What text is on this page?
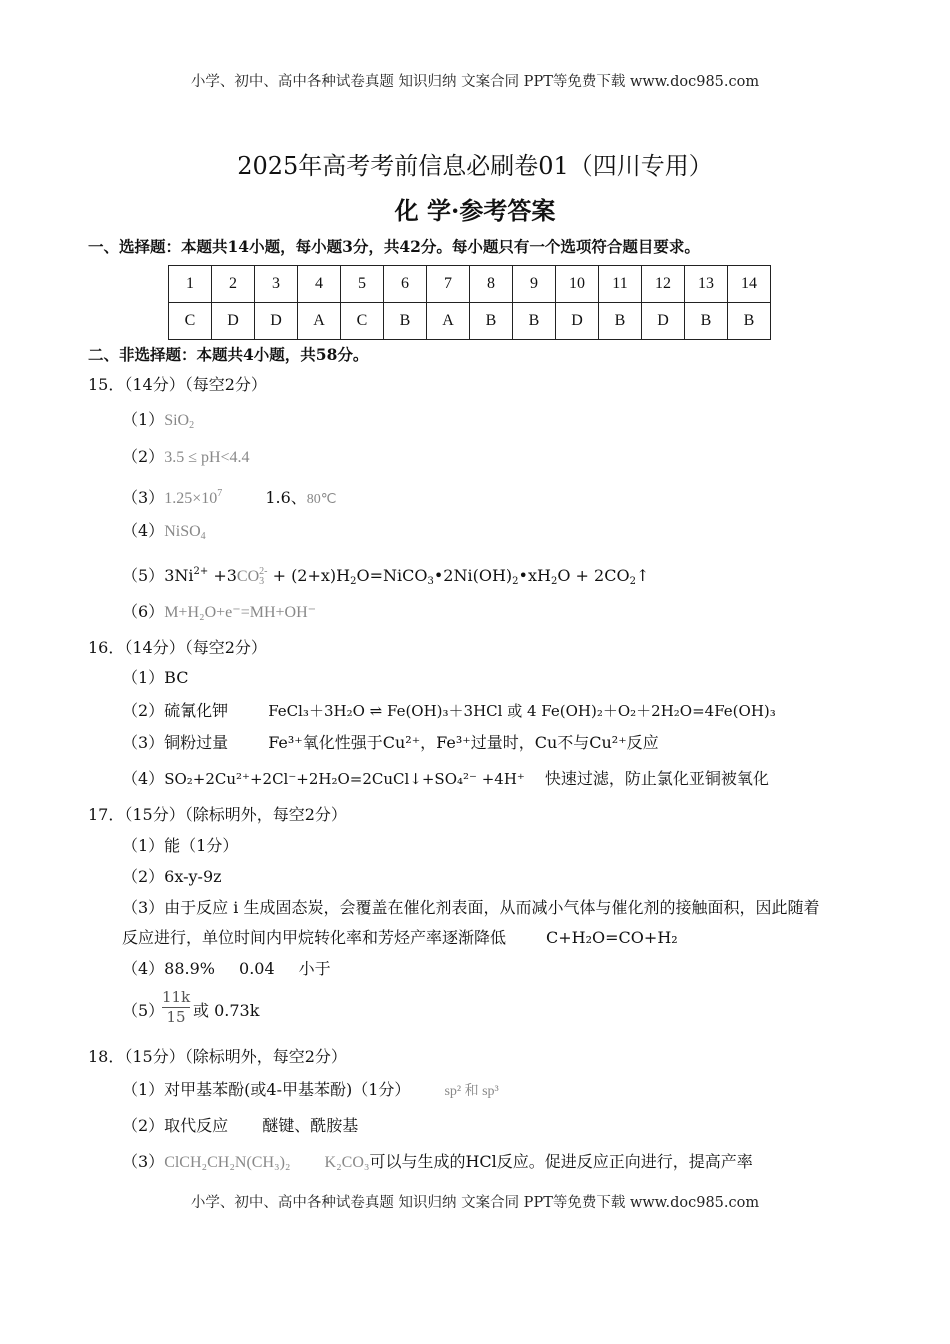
小学、初中、高中各种试卷真题 知识归纳 文案合同 PPT等免费下载 www.doc985.com
2025年高考考前信息必刷卷01（四川专用）
化 学·参考答案
一、选择题：本题共14小题，每小题3分，共42分。每小题只有一个选项符合题目要求。
1	2	3	4	5	6	7	8	9	10	11	12	13	14
C	D	D	A	C	B	A	B	B	D	B	D	B	B
二、非选择题：本题共4小题，共58分。
15．（14分）（每空2分）
（1）SiO$_2$
（2）3.5 ≤ pH<4.4
$(3)1.25\times 10^7$	1.6、80℃
（4）NiSO$_4$
$(5)3Ni^{2+} +3CO_3^{2-}$ + $(2+x)H_2O=NiCO_3•2Ni(OH)_2•xH_2O$ + $2CO_2↑$
（6）M+H₂O+e⁻=MH+OH⁻
16．（14分）（每空2分）
（1）BC
（2）硫氰化钾	FeCl₃＋3H₂O ⇌ Fe(OH)₃＋3HCl 或 4 Fe(OH)₂＋O₂＋2H₂O=4Fe(OH)₃
（3）铜粉过量	Fe³⁺氧化性强于Cu²⁺，Fe³⁺过量时，Cu不与Cu²⁺反应
（4）SO₂+2Cu²⁺+2Cl⁻+2H₂O=2CuCl↓+SO₄²⁻ +4H⁺ 快速过滤，防止氯化亚铜被氧化
17．（15分）（除标明外，每空2分）
（1）能（1分）
（2）6x-y-9z
（3）由于反应 i 生成固态炭，会覆盖在催化剂表面，从而减小气体与催化剂的接触面积，因此随着
反应进行，单位时间内甲烷转化率和芳烃产率逐渐降低	C+H₂O=CO+H₂
（4）88.9% 0.04 小于
（5）
$\frac{11k}{15}$ 或 0.73k
18．（15分）（除标明外，每空2分）
（1）对甲基苯酚(或4-甲基苯酚)（1分） sp² 和 sp³
（2）取代反应 醚键、酰胺基
（3）ClCH₂CH₂N(CH₃)₂ K₂CO₃可以与生成的HCl反应。促进反应正向进行，提高产率
小学、初中、高中各种试卷真题 知识归纳 文案合同 PPT等免费下载 www.doc985.com
